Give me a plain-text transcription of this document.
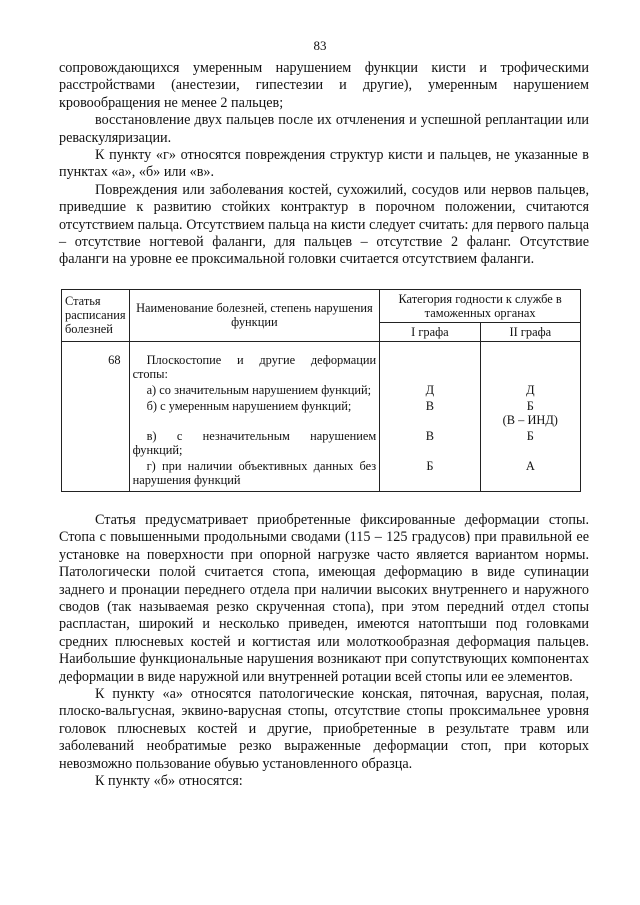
83

сопровождающихся умеренным нарушением функции кисти и трофическими расстройствами (анестезии, гипестезии и другие), умеренным нарушением кровообращения не менее 2 пальцев;

восстановление двух пальцев после их отчленения и успешной реплантации или реваскуляризации.

К пункту «г» относятся повреждения структур кисти и пальцев, не указанные в пунктах «а», «б» или «в».

Повреждения или заболевания костей, сухожилий, сосудов или нервов пальцев, приведшие к развитию стойких контрактур в порочном положении, считаются отсутствием пальца. Отсутствием пальца на кисти следует считать: для первого пальца – отсутствие ногтевой фаланги, для пальцев – отсутствие 2 фаланг. Отсутствие фаланги на уровне ее проксимальной головки считается отсутствием фаланги.

Статья расписания болезней	Наименование болезней, степень нарушения функции	Категория годности к службе в таможенных органах	
		I графа	II графа

68	Плоскостопие и другие деформации стопы:		
	а) со значительным нарушением функций;	Д	Д
	б) с умеренным нарушением функций;	В	Б
(В – ИНД)

	в) с незначительным нарушением функций;	В	Б
	г) при наличии объективных данных без нарушения функций	Б	А

Статья предусматривает приобретенные фиксированные деформации стопы. Стопа с повышенными продольными сводами (115 – 125 градусов) при правильной ее установке на поверхности при опорной нагрузке часто является вариантом нормы. Патологически полой считается стопа, имеющая деформацию в виде супинации заднего и пронации переднего отдела при наличии высоких внутреннего и наружного сводов (так называемая резко скрученная стопа), при этом передний отдел стопы распластан, широкий и несколько приведен, имеются натоптыши под головками средних плюсневых костей и когтистая или молоткообразная деформация пальцев. Наибольшие функциональные нарушения возникают при сопутствующих компонентах деформации в виде наружной или внутренней ротации всей стопы или ее элементов.

К пункту «а» относятся патологические конская, пяточная, варусная, полая, плоско-вальгусная, эквино-варусная стопы, отсутствие стопы проксимальнее уровня головок плюсневых костей и другие, приобретенные в результате травм или заболеваний необратимые резко выраженные деформации стоп, при которых невозможно пользование обувью установленного образца.

К пункту «б» относятся:
